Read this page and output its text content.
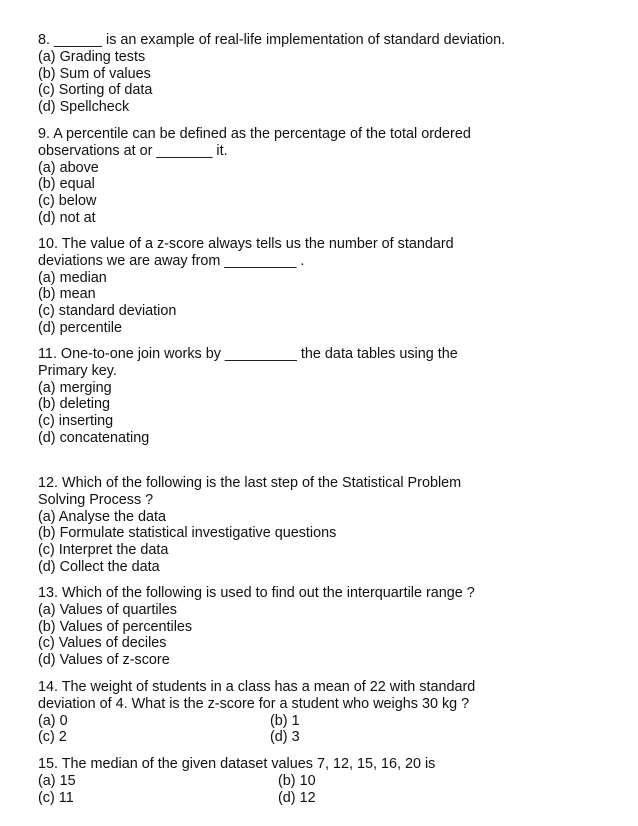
8. ______ is an example of real-life implementation of standard deviation.
(a) Grading tests
(b) Sum of values
(c) Sorting of data
(d) Spellcheck
9. A percentile can be defined as the percentage of the total ordered
observations at or _______ it.
(a) above
(b) equal
(c) below
(d) not at
10. The value of a z-score always tells us the number of standard
deviations we are away from _________ .
(a) median
(b) mean
(c) standard deviation
(d) percentile
11. One-to-one join works by _________ the data tables using the
Primary key.
(a) merging
(b) deleting
(c) inserting
(d) concatenating
12. Which of the following is the last step of the Statistical Problem
Solving Process ?
(a) Analyse the data
(b) Formulate statistical investigative questions
(c) Interpret the data
(d) Collect the data
13. Which of the following is used to find out the interquartile range ?
(a) Values of quartiles
(b) Values of percentiles
(c) Values of deciles
(d) Values of z-score
14. The weight of students in a class has a mean of 22 with standard
deviation of 4. What is the z-score for a student who weighs 30 kg ?
(a) 0	(b) 1
(c) 2	(d) 3
15. The median of the given dataset values 7, 12, 15, 16, 20 is
(a) 15	(b) 10
(c) 11	(d) 12
